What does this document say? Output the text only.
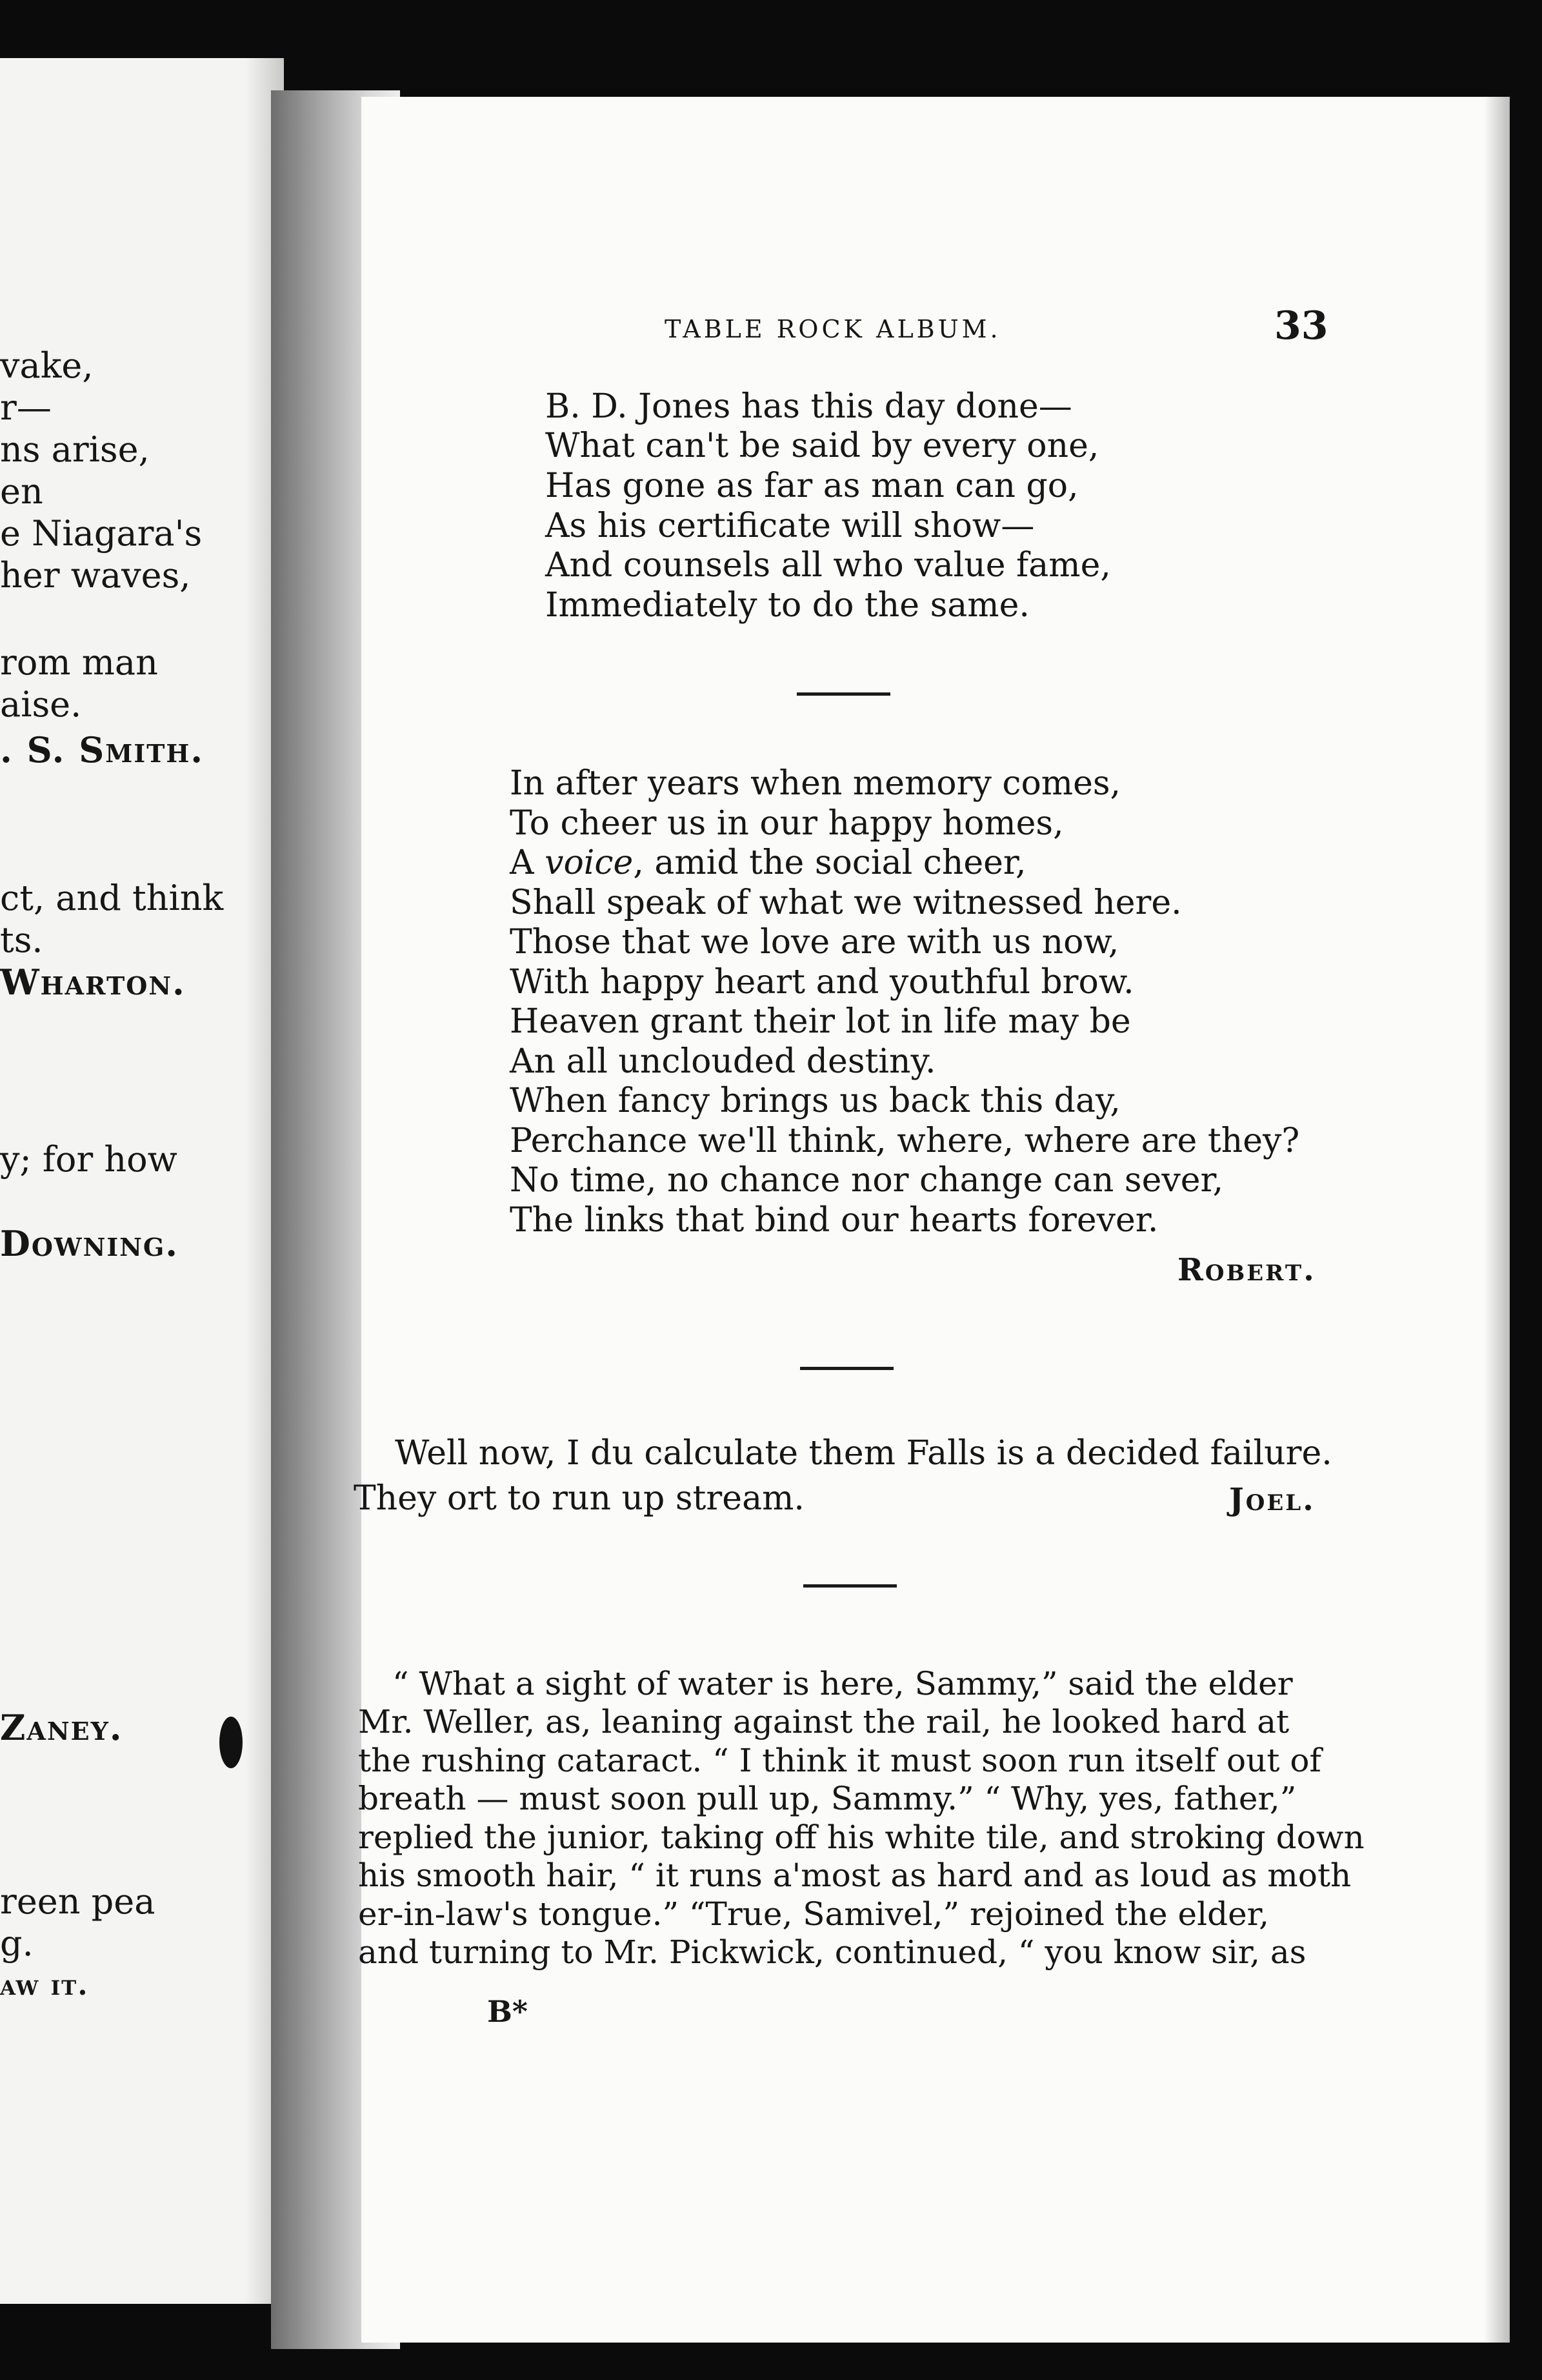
vake,
r—
ns arise,
en
e Niagara's
her waves,
rom man
aise.
. S. Smith.
ct, and think
ts.
Wharton.
y; for how
Downing.
Zaney.
reen pea
g.
aw it.
TABLE ROCK ALBUM.	33
B. D. Jones has this day done—
What can't be said by every one,
Has gone as far as man can go,
As his certificate will show—
And counsels all who value fame,
Immediately to do the same.
In after years when memory comes,
To cheer us in our happy homes,
A voice, amid the social cheer,
Shall speak of what we witnessed here.
Those that we love are with us now,
With happy heart and youthful brow.
Heaven grant their lot in life may be
An all unclouded destiny.
When fancy brings us back this day,
Perchance we'll think, where, where are they?
No time, no chance nor change can sever,
The links that bind our hearts forever.
Robert.
Well now, I du calculate them Falls is a decided failure.
They ort to run up stream.	Joel.
“ What a sight of water is here, Sammy,” said the elder
Mr. Weller, as, leaning against the rail, he looked hard at
the rushing cataract. “ I think it must soon run itself out of
breath — must soon pull up, Sammy.” “ Why, yes, father,”
replied the junior, taking off his white tile, and stroking down
his smooth hair, “ it runs a'most as hard and as loud as moth
er-in-law's tongue.” “True, Samivel,” rejoined the elder,
and turning to Mr. Pickwick, continued, “ you know sir, as
B*
